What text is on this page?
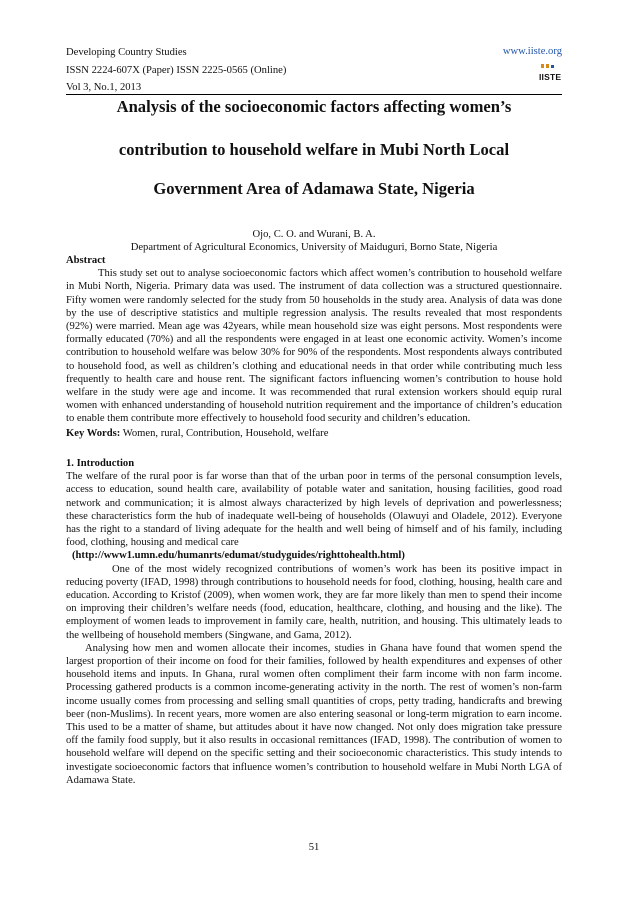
Developing Country Studies	www.iiste.org
ISSN 2224-607X (Paper) ISSN 2225-0565 (Online)
Vol 3, No.1, 2013
IISTE
Analysis of the socioeconomic factors affecting women’s
contribution to household welfare in Mubi North Local
Government Area of Adamawa State, Nigeria
Ojo, C. O. and Wurani, B. A.
Department of Agricultural Economics, University of Maiduguri, Borno State, Nigeria

Abstract

This study set out to analyse socioeconomic factors which affect women’s contribution to household welfare in Mubi North, Nigeria. Primary data was used. The instrument of data collection was a structured questionnaire. Fifty women were randomly selected for the study from 50 households in the study area. Analysis of data was done by the use of descriptive statistics and multiple regression analysis. The results revealed that most respondents (92%) were married. Mean age was 42years, while mean household size was eight persons. Most respondents were formally educated (70%) and all the respondents were engaged in at least one economic activity. Women’s income contribution to household welfare was below 30% for 90% of the respondents. Most respondents always contributed to household food, as well as children’s clothing and educational needs in that order while contributing much less frequently to health care and house rent. The significant factors influencing women’s contribution to house hold welfare in the study were age and income. It was recommended that rural extension workers should equip rural women with enhanced understanding of household nutrition requirement and the importance of children’s education to enable them contribute more effectively to household food security and children’s education.

Key Words: Women, rural, Contribution, Household, welfare

1. Introduction

The welfare of the rural poor is far worse than that of the urban poor in terms of the personal consumption levels, access to education, sound health care, availability of potable water and sanitation, housing facilities, good road network and communication; it is almost always characterized by high levels of deprivation and powerlessness; these characteristics form the hub of inadequate well-being of households (Olawuyi and Oladele, 2012). Everyone has the right to a standard of living adequate for the health and well being of himself and of his family, including food, clothing, housing and medical care

(http://www1.umn.edu/humanrts/edumat/studyguides/righttohealth.html)

One of the most widely recognized contributions of women’s work has been its positive impact in reducing poverty (IFAD, 1998) through contributions to household needs for food, clothing, housing, health care and education. According to Kristof (2009), when women work, they are far more likely than men to spend their income on improving their children’s welfare needs (food, education, healthcare, clothing, and housing and the like). The employment of women leads to improvement in family care, health, nutrition, and housing. This ultimately leads to the wellbeing of household members (Singwane, and Gama, 2012).

Analysing how men and women allocate their incomes, studies in Ghana have found that women spend the largest proportion of their income on food for their families, followed by health expenditures and expenses of other household items and inputs. In Ghana, rural women often compliment their farm income with non farm income. Processing gathered products is a common income-generating activity in the north. The rest of women’s non-farm income usually comes from processing and selling small quantities of crops, petty trading, handicrafts and brewing beer (non-Muslims). In recent years, more women are also entering seasonal or long-term migration to earn income. This used to be a matter of shame, but attitudes about it have now changed. Not only does migration take pressure off the family food supply, but it also results in occasional remittances (IFAD, 1998). The contribution of women to household welfare will depend on the specific setting and their socioeconomic characteristics. This study intends to investigate socioeconomic factors that influence women’s contribution to household welfare in Mubi North LGA of Adamawa State.

51
